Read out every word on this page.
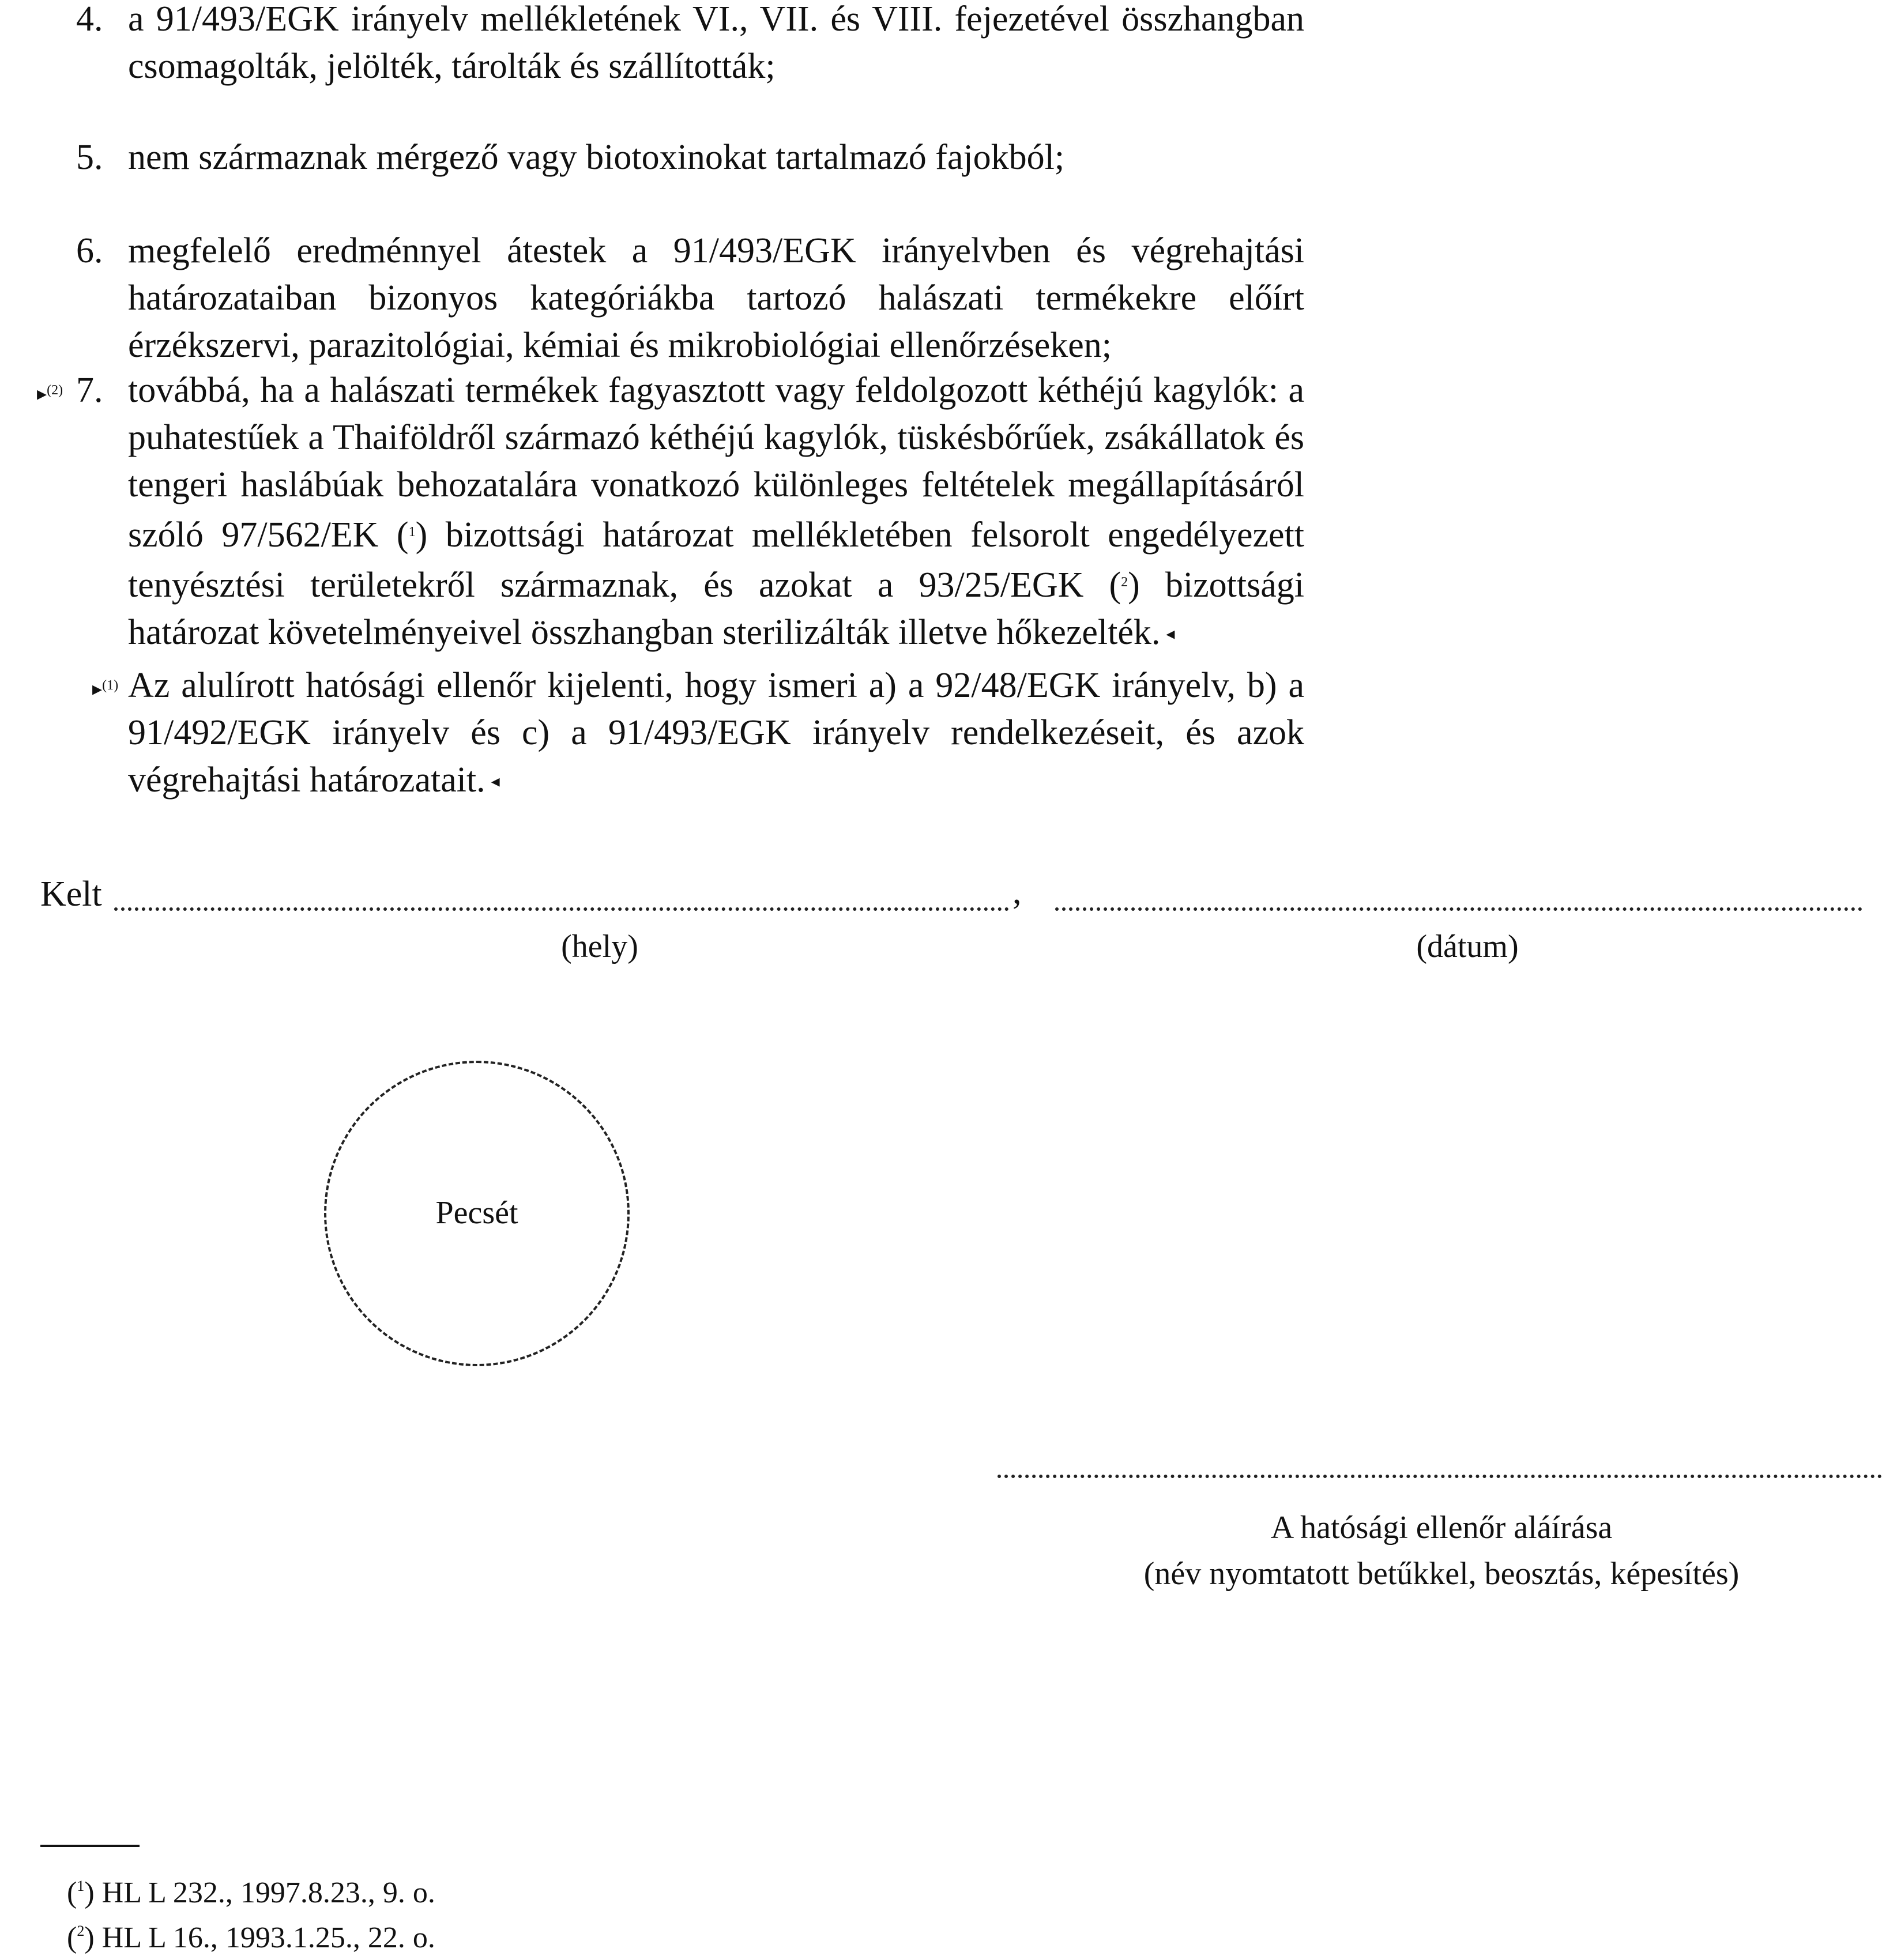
4. a 91/493/EGK irányelv mellékletének VI., VII. és VIII. fejezetével összhangban csomagolták, jelölték, tárolták és szállították;
5. nem származnak mérgező vagy biotoxinokat tartalmazó fajokból;
6. megfelelő eredménnyel átestek a 91/493/EGK irányelvben és végrehajtási határozataiban bizonyos kategóriákba tartozó halászati termékekre előírt érzékszervi, parazitológiai, kémiai és mikrobiológiai ellenőrzéseken;
▸$^{(2)}$ 7. továbbá, ha a halászati termékek fagyasztott vagy feldolgozott kéthéjú kagylók: a puhatestűek a Thaiföldről származó kéthéjú kagylók, tüskésbőrűek, zsákállatok és tengeri haslábúak behozatalára vonatkozó különleges feltételek megállapításáról szóló 97/562/EK ($^1$) bizottsági határozat mellékletében felsorolt engedélyezett tenyésztési területekről származnak, és azokat a 93/25/EGK ($^2$) bizottsági határozat követelményeivel összhangban sterilizálták illetve hőkezelték. ◂
▸$^{(1)}$ Az alulírott hatósági ellenőr kijelenti, hogy ismeri a) a 92/48/EGK irányelv, b) a 91/492/EGK irányelv és c) a 91/493/EGK irányelv rendelkezéseit, és azok végrehajtási határozatait. ◂
Kelt	,
(hely)	(dátum)
Pecsét
A hatósági ellenőr aláírása
(név nyomtatott betűkkel, beosztás, képesítés)
($^1$) HL L 232., 1997.8.23., 9. o.
($^2$) HL L 16., 1993.1.25., 22. o.
